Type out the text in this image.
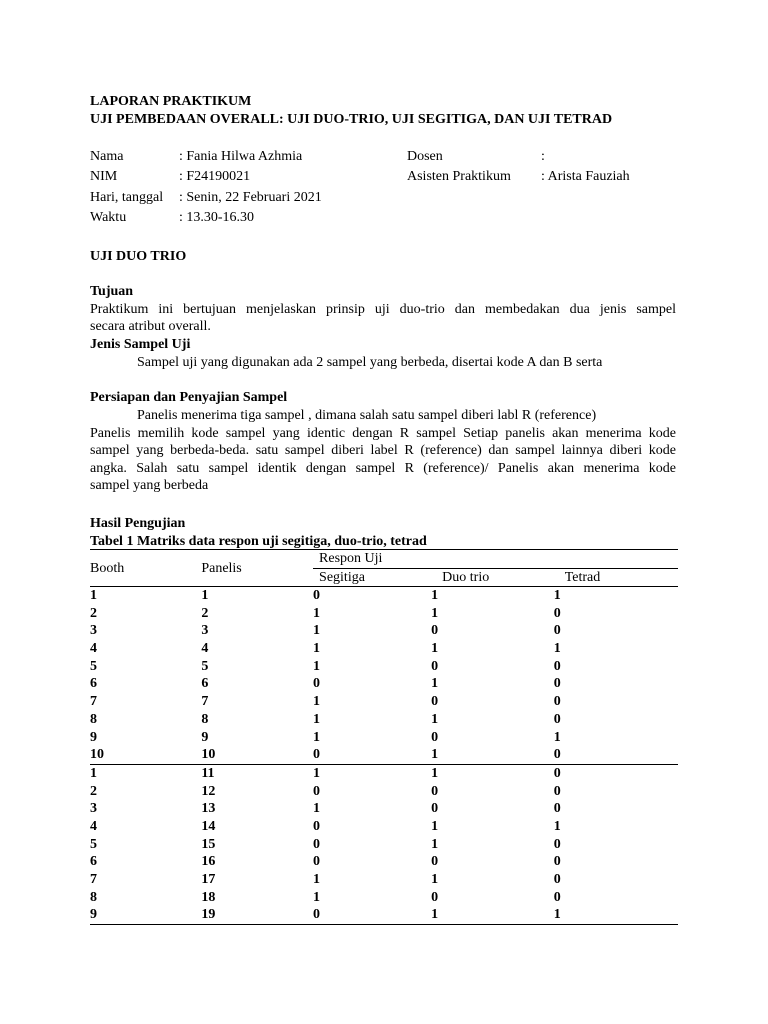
LAPORAN PRAKTIKUM
UJI PEMBEDAAN OVERALL: UJI DUO-TRIO, UJI SEGITIGA, DAN UJI TETRAD
Nama	: Fania Hilwa Azhmia
NIM	: F24190021
Hari, tanggal : Senin, 22 Februari 2021
Waktu	: 13.30-16.30
Dosen	:
Asisten Praktikum : Arista Fauziah
UJI DUO TRIO
Tujuan
Praktikum ini bertujuan menjelaskan prinsip uji duo-trio dan membedakan dua jenis sampel
secara atribut overall.
Jenis Sampel Uji
Sampel uji yang digunakan ada 2 sampel yang berbeda, disertai kode A dan B serta
Persiapan dan Penyajian Sampel
Panelis menerima tiga sampel , dimana salah satu sampel diberi labl R (reference)
Panelis memilih kode sampel yang identic dengan R sampel Setiap panelis akan menerima kode
sampel yang berbeda-beda. satu sampel diberi label R (reference) dan sampel lainnya diberi kode
angka. Salah satu sampel identik dengan sampel R (reference)/ Panelis akan menerima kode
sampel yang berbeda
Hasil Pengujian
Tabel 1 Matriks data respon uji segitiga, duo-trio, tetrad
Booth	Panelis	Respon Uji		
		Segitiga	Duo trio	Tetrad
1	1	0	1	1
2	2	1	1	0
3	3	1	0	0
4	4	1	1	1
5	5	1	0	0
6	6	0	1	0
7	7	1	0	0
8	8	1	1	0
9	9	1	0	1
10	10	0	1	0
1	11	1	1	0
2	12	0	0	0
3	13	1	0	0
4	14	0	1	1
5	15	0	1	0
6	16	0	0	0
7	17	1	1	0
8	18	1	0	0
9	19	0	1	1
